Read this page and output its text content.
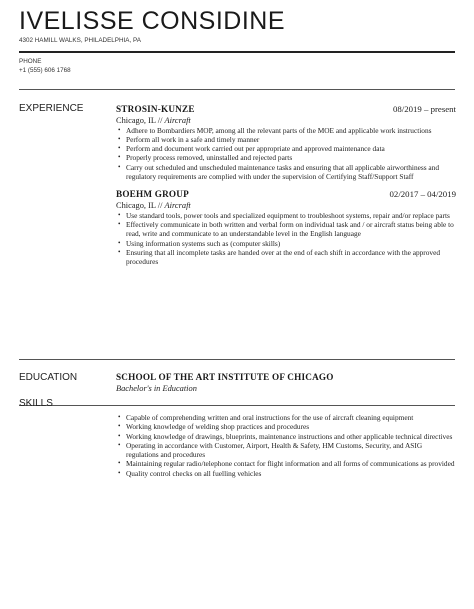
IVELISSE CONSIDINE
4302 HAMILL WALKS, PHILADELPHIA, PA
PHONE
+1 (555) 606 1768
EXPERIENCE	STROSIN-KUNZE	08/2019 – present
Chicago, IL // Aircraft
• Adhere to Bombardiers MOP, among all the relevant parts of the MOE and applicable work instructions
• Perform all work in a safe and timely manner
• Perform and document work carried out per appropriate and approved maintenance data
• Properly process removed, uninstalled and rejected parts
• Carry out scheduled and unscheduled maintenance tasks and ensuring that all applicable airworthiness and regulatory requirements are complied with under the supervision of Certifying Staff/Support Staff
BOEHM GROUP	02/2017 – 04/2019
Chicago, IL // Aircraft
• Use standard tools, power tools and specialized equipment to troubleshoot systems, repair and/or replace parts
• Effectively communicate in both written and verbal form on individual task and / or aircraft status being able to read, write and communicate to an understandable level in the English language
• Using information systems such as (computer skills)
• Ensuring that all incomplete tasks are handed over at the end of each shift in accordance with the approved procedures
EDUCATION	SCHOOL OF THE ART INSTITUTE OF CHICAGO
Bachelor's in Education
SKILLS
• Capable of comprehending written and oral instructions for the use of aircraft cleaning equipment
• Working knowledge of welding shop practices and procedures
• Working knowledge of drawings, blueprints, maintenance instructions and other applicable technical directives
• Operating in accordance with Customer, Airport, Health & Safety, HM Customs, Security, and ASIG regulations and procedures
• Maintaining regular radio/telephone contact for flight information and all forms of communications as provided
• Quality control checks on all fuelling vehicles
